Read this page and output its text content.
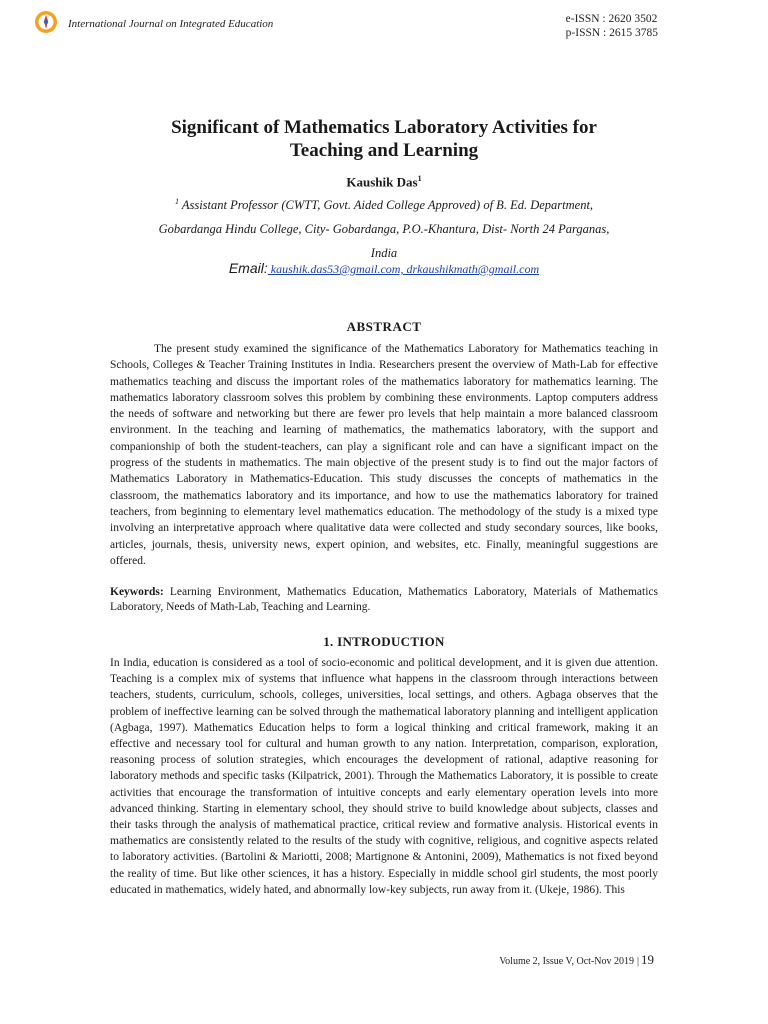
International Journal on Integrated Education	e-ISSN : 2620 3502
p-ISSN : 2615 3785
Significant of Mathematics Laboratory Activities for
Teaching and Learning
Kaushik Das$^1$
$^1$ Assistant Professor (CWTT, Govt. Aided College Approved) of B. Ed. Department,
Gobardanga Hindu College, City- Gobardanga, P.O.-Khantura, Dist- North 24 Parganas,
India
Email: kaushik.das53@gmail.com, drkaushikmath@gmail.com
ABSTRACT
The present study examined the significance of the Mathematics Laboratory for Mathematics teaching in Schools, Colleges & Teacher Training Institutes in India. Researchers present the overview of Math-Lab for effective mathematics teaching and discuss the important roles of the mathematics laboratory for mathematics learning. The mathematics laboratory classroom solves this problem by combining these environments. Laptop computers address the needs of software and networking but there are fewer pro levels that help maintain a more balanced classroom environment. In the teaching and learning of mathematics, the mathematics laboratory, with the support and companionship of both the student-teachers, can play a significant role and can have a significant impact on the progress of the students in mathematics. The main objective of the present study is to find out the major factors of Mathematics Laboratory in Mathematics-Education. This study discusses the concepts of mathematics in the classroom, the mathematics laboratory and its importance, and how to use the mathematics laboratory for trained teachers, from beginning to elementary level mathematics education. The methodology of the study is a mixed type involving an interpretative approach where qualitative data were collected and study secondary sources, like books, articles, journals, thesis, university news, expert opinion, and websites, etc. Finally, meaningful suggestions are offered.
Keywords: Learning Environment, Mathematics Education, Mathematics Laboratory, Materials of Mathematics Laboratory, Needs of Math-Lab, Teaching and Learning.
1. INTRODUCTION
In India, education is considered as a tool of socio-economic and political development, and it is given due attention. Teaching is a complex mix of systems that influence what happens in the classroom through interactions between teachers, students, curriculum, schools, colleges, universities, local settings, and others. Agbaga observes that the problem of ineffective learning can be solved through the mathematical laboratory planning and intelligent application (Agbaga, 1997). Mathematics Education helps to form a logical thinking and critical framework, making it an effective and necessary tool for cultural and human growth to any nation. Interpretation, comparison, exploration, reasoning process of solution strategies, which encourages the development of rational, adaptive reasoning for laboratory methods and specific tasks (Kilpatrick, 2001). Through the Mathematics Laboratory, it is possible to create activities that encourage the transformation of intuitive concepts and early elementary operation levels into more advanced thinking. Starting in elementary school, they should strive to build knowledge about subjects, classes and their tasks through the analysis of mathematical practice, critical review and formative analysis. Historical events in mathematics are consistently related to the results of the study with cognitive, religious, and cognitive aspects related to laboratory activities. (Bartolini & Mariotti, 2008; Martignone & Antonini, 2009), Mathematics is not fixed beyond the reality of time. But like other sciences, it has a history. Especially in middle school girl students, the most poorly educated in mathematics, widely hated, and abnormally low-key subjects, run away from it. (Ukeje, 1986). This
Volume 2, Issue V, Oct-Nov 2019 | 19
